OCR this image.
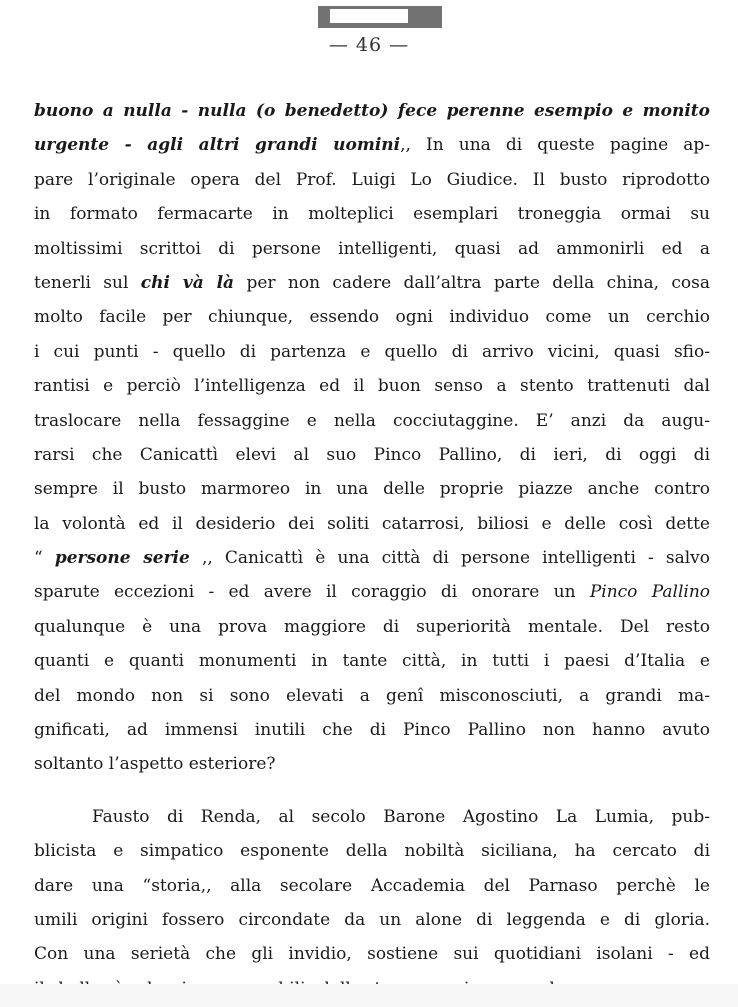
— 46 —
buono a nulla - nulla (o benedetto) fece perenne esempio e monito
urgente - agli altri grandi uomini,, In una di queste pagine ap-
pare l’originale opera del Prof. Luigi Lo Giudice. Il busto riprodotto
in formato fermacarte in molteplici esemplari troneggia ormai su
moltissimi scrittoi di persone intelligenti, quasi ad ammonirli ed a
tenerli sul chi và là per non cadere dall’altra parte della china, cosa
molto facile per chiunque, essendo ogni individuo come un cerchio
i cui punti - quello di partenza e quello di arrivo vicini, quasi sfio-
rantisi e perciò l’intelligenza ed il buon senso a stento trattenuti dal
traslocare nella fessaggine e nella cocciutaggine. E’ anzi da augu-
rarsi che Canicattì elevi al suo Pinco Pallino, di ieri, di oggi di
sempre il busto marmoreo in una delle proprie piazze anche contro
la volontà ed il desiderio dei soliti catarrosi, biliosi e delle così dette
“ persone serie ,, Canicattì è una città di persone intelligenti - salvo
sparute eccezioni - ed avere il coraggio di onorare un Pinco Pallino
qualunque è una prova maggiore di superiorità mentale. Del resto
quanti e quanti monumenti in tante città, in tutti i paesi d’Italia e
del mondo non si sono elevati a genî misconosciuti, a grandi ma-
gnificati, ad immensi inutili che di Pinco Pallino non hanno avuto
soltanto l’aspetto esteriore?
Fausto di Renda, al secolo Barone Agostino La Lumia, pub-
blicista e simpatico esponente della nobiltà siciliana, ha cercato di
dare una “storia,, alla secolare Accademia del Parnaso perchè le
umili origini fossero circondate da un alone di leggenda e di gloria.
Con una serietà che gli invidio, sostiene sui quotidiani isolani - ed
